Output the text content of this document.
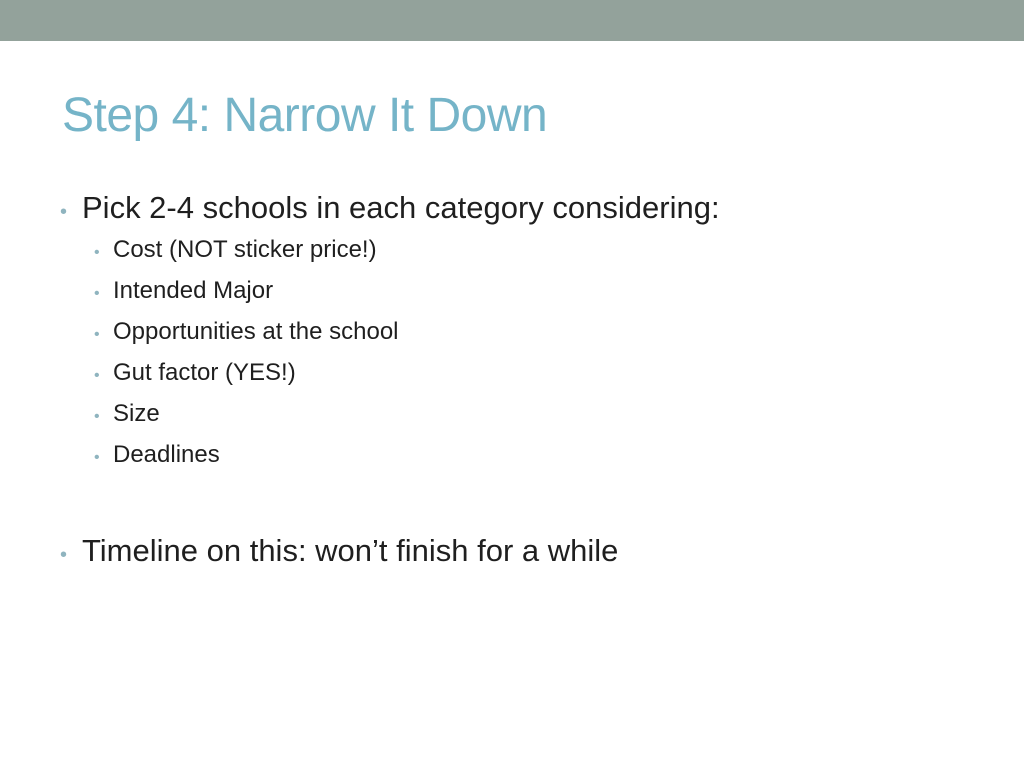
Step 4: Narrow It Down
• Pick 2-4 schools in each category considering:
• Cost (NOT sticker price!)
• Intended Major
• Opportunities at the school
• Gut factor (YES!)
• Size
• Deadlines
• Timeline on this: won’t finish for a while
